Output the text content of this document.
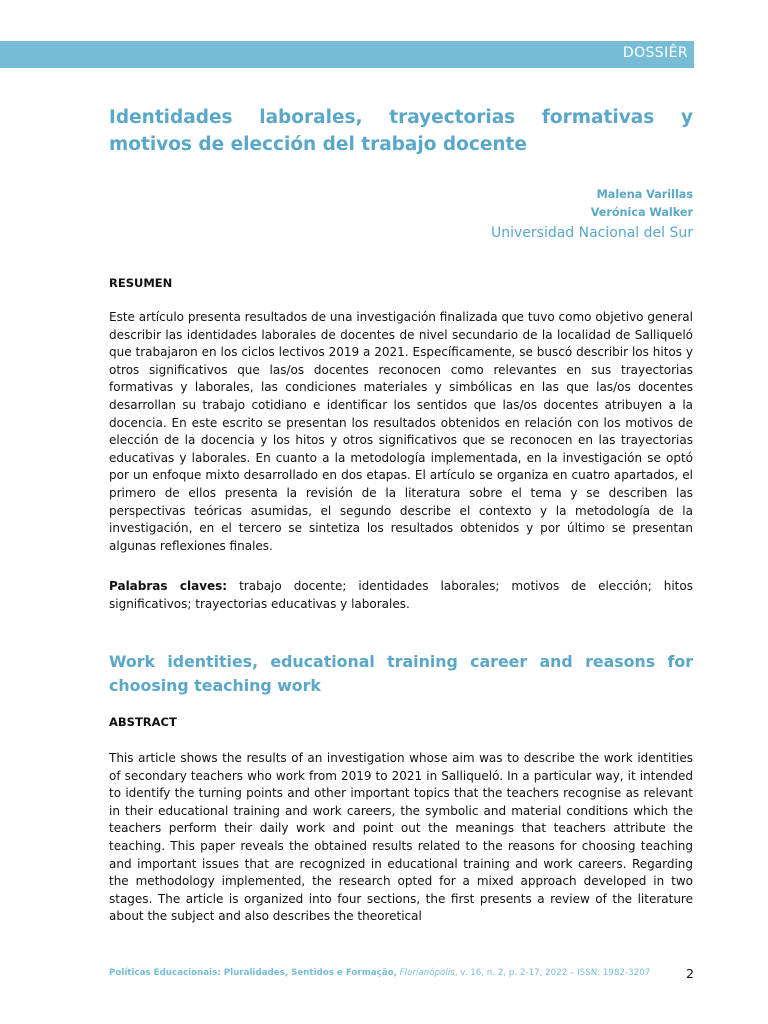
DOSSIÊR
Identidades laborales, trayectorias formativas y motivos de elección del trabajo docente
Malena Varillas
Verónica Walker
Universidad Nacional del Sur
RESUMEN

Este artículo presenta resultados de una investigación finalizada que tuvo como objetivo general describir las identidades laborales de docentes de nivel secundario de la localidad de Salliqueló que trabajaron en los ciclos lectivos 2019 a 2021. Específicamente, se buscó describir los hitos y otros significativos que las/os docentes reconocen como relevantes en sus trayectorias formativas y laborales, las condiciones materiales y simbólicas en las que las/os docentes desarrollan su trabajo cotidiano e identificar los sentidos que las/os docentes atribuyen a la docencia. En este escrito se presentan los resultados obtenidos en relación con los motivos de elección de la docencia y los hitos y otros significativos que se reconocen en las trayectorias educativas y laborales. En cuanto a la metodología implementada, en la investigación se optó por un enfoque mixto desarrollado en dos etapas. El artículo se organiza en cuatro apartados, el primero de ellos presenta la revisión de la literatura sobre el tema y se describen las perspectivas teóricas asumidas, el segundo describe el contexto y la metodología de la investigación, en el tercero se sintetiza los resultados obtenidos y por último se presentan algunas reflexiones finales.

Palabras claves: trabajo docente; identidades laborales; motivos de elección; hitos significativos; trayectorias educativas y laborales.

Work identities, educational training career and reasons for choosing teaching work
ABSTRACT

This article shows the results of an investigation whose aim was to describe the work identities of secondary teachers who work from 2019 to 2021 in Salliqueló. In a particular way, it intended to identify the turning points and other important topics that the teachers recognise as relevant in their educational training and work careers, the symbolic and material conditions which the teachers perform their daily work and point out the meanings that teachers attribute the teaching. This paper reveals the obtained results related to the reasons for choosing teaching and important issues that are recognized in educational training and work careers. Regarding the methodology implemented, the research opted for a mixed approach developed in two stages. The article is organized into four sections, the first presents a review of the literature about the subject and also describes the theoretical

Políticas Educacionais: Pluralidades, Sentidos e Formação, Florianópolis, v. 16, n. 2, p. 2-17, 2022 – ISSN: 1982-3207	2
